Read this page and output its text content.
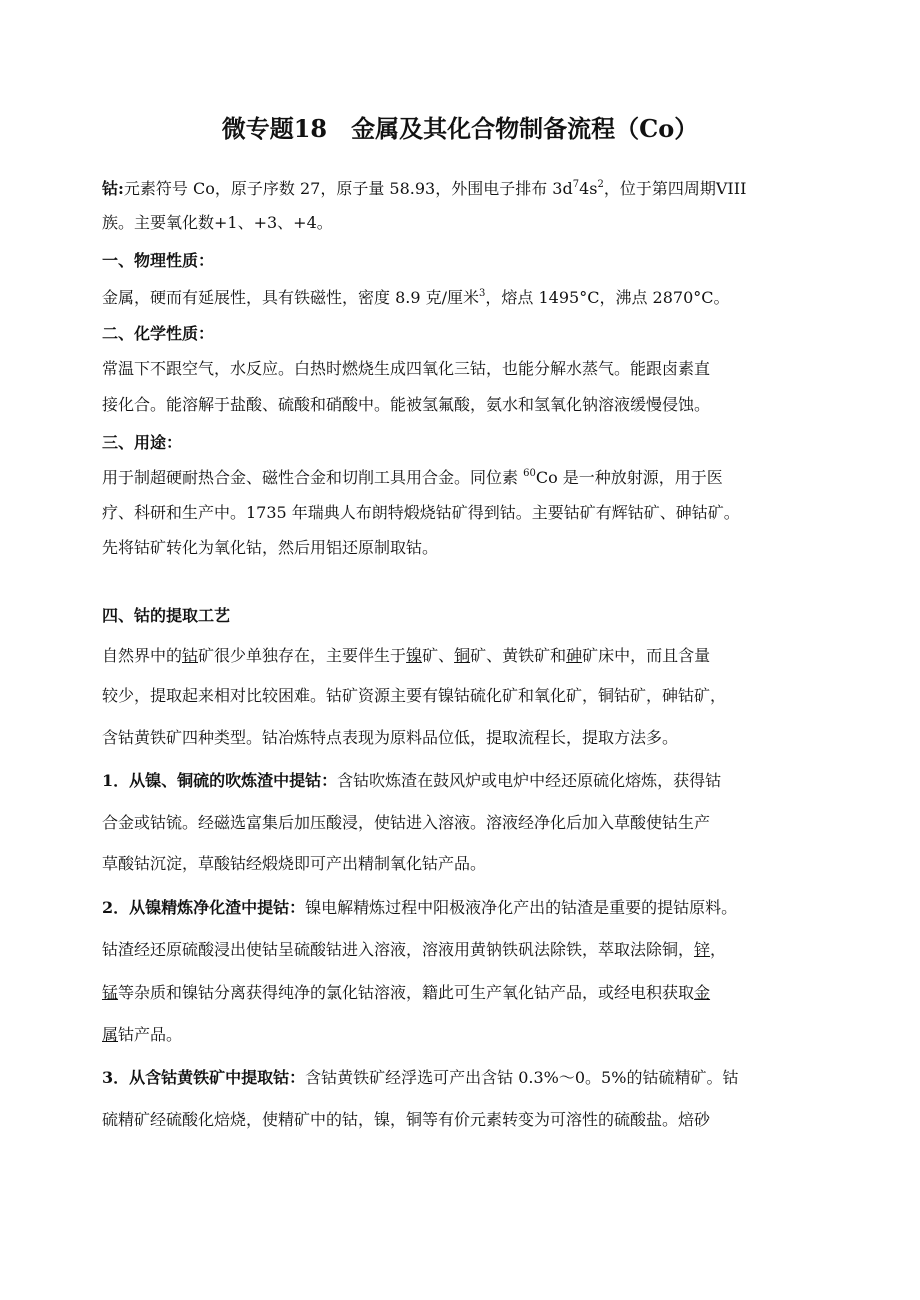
微专题18　金属及其化合物制备流程（Co）
钴:元素符号 Co，原子序数 27，原子量 58.93，外围电子排布 $3d^74s^2$，位于第四周期VIII
族。主要氧化数+1、+3、+4。
一、物理性质：
金属，硬而有延展性，具有铁磁性，密度 8.9 克/厘米$^3$，熔点 1495°C，沸点 2870°C。
二、化学性质：
常温下不跟空气，水反应。白热时燃烧生成四氧化三钴，也能分解水蒸气。能跟卤素直
接化合。能溶解于盐酸、硫酸和硝酸中。能被氢氟酸，氨水和氢氧化钠溶液缓慢侵蚀。
三、用途：
用于制超硬耐热合金、磁性合金和切削工具用合金。同位素 $^{60}$Co 是一种放射源，用于医
疗、科研和生产中。1735 年瑞典人布朗特煅烧钴矿得到钴。主要钴矿有辉钴矿、砷钴矿。
先将钴矿转化为氧化钴，然后用铝还原制取钴。
四、钴的提取工艺
自然界中的钴矿很少单独存在，主要伴生于镍矿、铜矿、黄铁矿和砷矿床中，而且含量
较少，提取起来相对比较困难。钴矿资源主要有镍钴硫化矿和氧化矿，铜钴矿，砷钴矿，
含钴黄铁矿四种类型。钴冶炼特点表现为原料品位低，提取流程长，提取方法多。
1．从镍、铜硫的吹炼渣中提钴：含钴吹炼渣在鼓风炉或电炉中经还原硫化熔炼，获得钴
合金或钴锍。经磁选富集后加压酸浸，使钴进入溶液。溶液经净化后加入草酸使钴生产
草酸钴沉淀，草酸钴经煅烧即可产出精制氧化钴产品。
2．从镍精炼净化渣中提钴：镍电解精炼过程中阳极液净化产出的钴渣是重要的提钴原料。
钴渣经还原硫酸浸出使钴呈硫酸钴进入溶液，溶液用黄钠铁矾法除铁，萃取法除铜，锌，
锰等杂质和镍钴分离获得纯净的氯化钴溶液，籍此可生产氧化钴产品，或经电积获取金
属钴产品。
3．从含钴黄铁矿中提取钴：含钴黄铁矿经浮选可产出含钴 0.3%～0。5%的钴硫精矿。钴
硫精矿经硫酸化焙烧，使精矿中的钴，镍，铜等有价元素转变为可溶性的硫酸盐。焙砂
